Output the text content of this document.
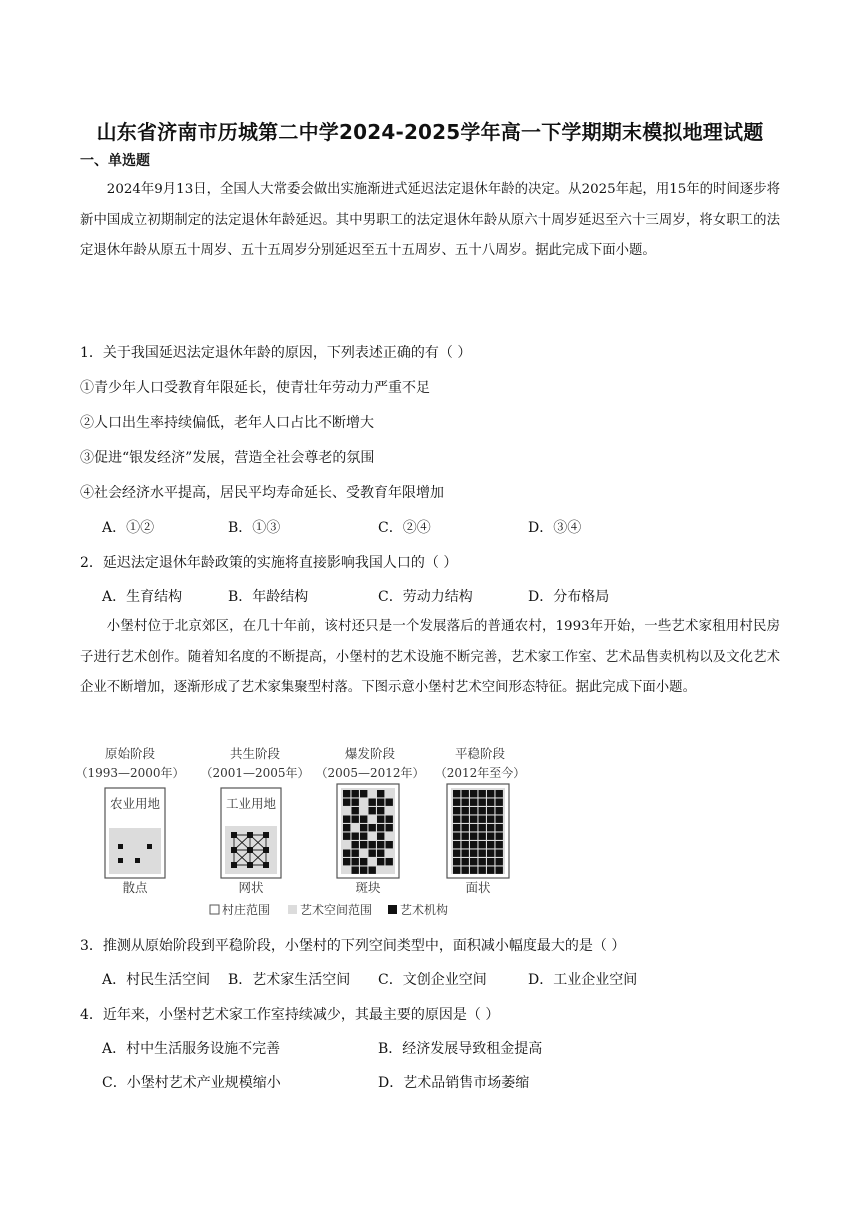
山东省济南市历城第二中学2024-2025学年高一下学期期末模拟地理试题
一、单选题
2024年9月13日，全国人大常委会做出实施渐进式延迟法定退休年龄的决定。从2025年起，用15年的时间逐步将新中国成立初期制定的法定退休年龄延迟。其中男职工的法定退休年龄从原六十周岁延迟至六十三周岁，将女职工的法定退休年龄从原五十周岁、五十五周岁分别延迟至五十五周岁、五十八周岁。据此完成下面小题。
1．关于我国延迟法定退休年龄的原因，下列表述正确的有（ ）
①青少年人口受教育年限延长，使青壮年劳动力严重不足
②人口出生率持续偏低，老年人口占比不断增大
③促进“银发经济”发展，营造全社会尊老的氛围
④社会经济水平提高，居民平均寿命延长、受教育年限增加
A．①②	B．①③	C．②④	D．③④
2．延迟法定退休年龄政策的实施将直接影响我国人口的（ ）
A．生育结构	B．年龄结构	C．劳动力结构	D．分布格局
小堡村位于北京郊区，在几十年前，该村还只是一个发展落后的普通农村，1993年开始，一些艺术家租用村民房子进行艺术创作。随着知名度的不断提高，小堡村的艺术设施不断完善，艺术家工作室、艺术品售卖机构以及文化艺术企业不断增加，逐渐形成了艺术家集聚型村落。下图示意小堡村艺术空间形态特征。据此完成下面小题。
原始阶段
（1993—2000年）
农业用地
散点
共生阶段
（2001—2005年）
工业用地
网状
爆发阶段
（2005—2012年）
斑块
平稳阶段
（2012年至今）
面状
村庄范围 艺术空间范围 艺术机构
3．推测从原始阶段到平稳阶段，小堡村的下列空间类型中，面积减小幅度最大的是（ ）
A．村民生活空间 B．艺术家生活空间 C．文创企业空间	D．工业企业空间
4．近年来，小堡村艺术家工作室持续减少，其最主要的原因是（ ）
A．村中生活服务设施不完善	B．经济发展导致租金提高
C．小堡村艺术产业规模缩小	D．艺术品销售市场萎缩
